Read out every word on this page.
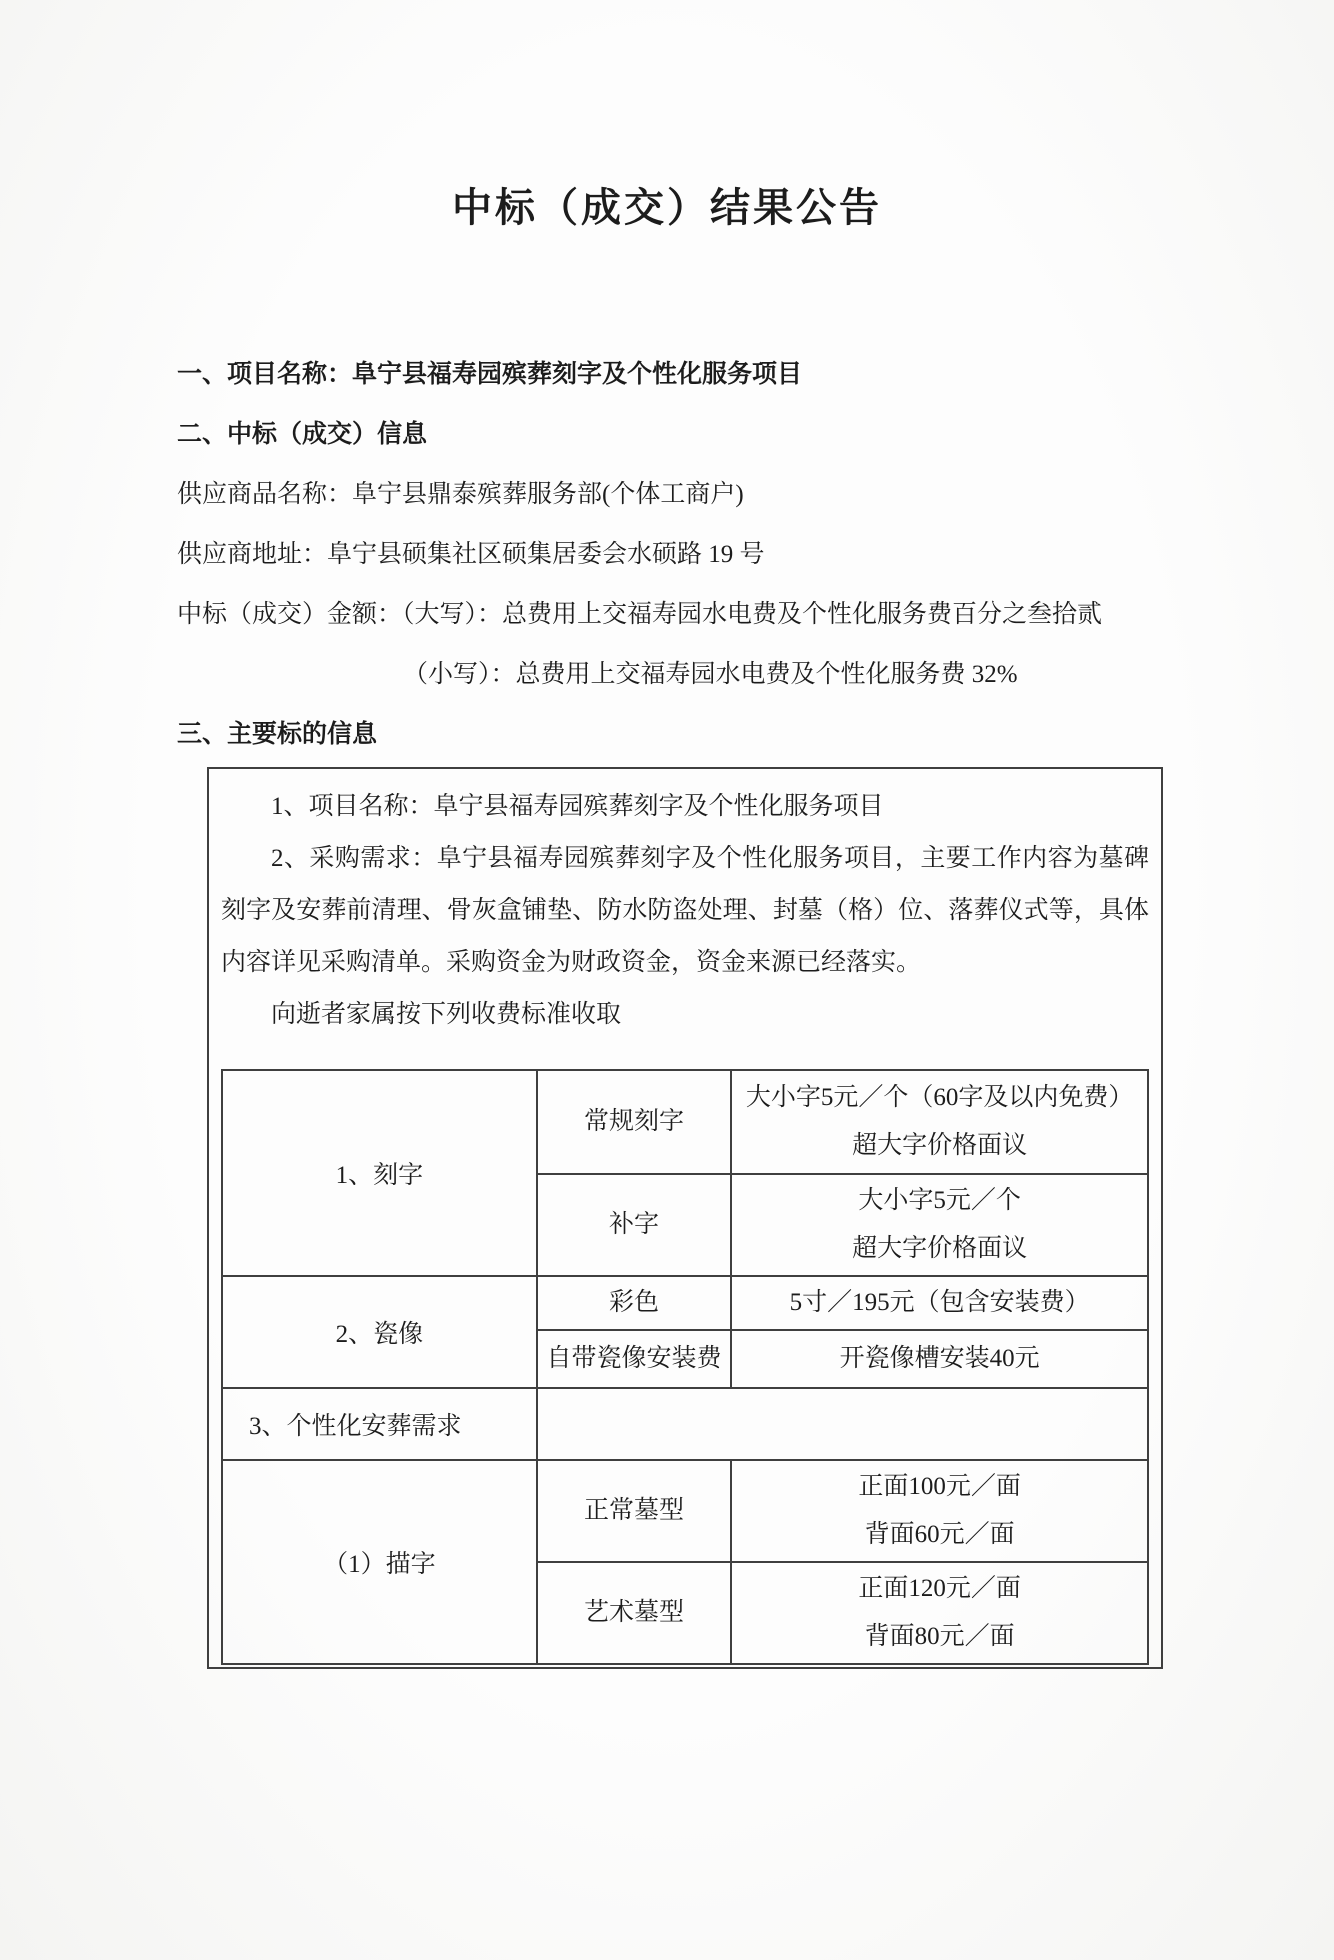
中标（成交）结果公告
一、项目名称：阜宁县福寿园殡葬刻字及个性化服务项目
二、中标（成交）信息
供应商品名称：阜宁县鼎泰殡葬服务部(个体工商户)
供应商地址：阜宁县硕集社区硕集居委会水硕路 19 号
中标（成交）金额：（大写）：总费用上交福寿园水电费及个性化服务费百分之叁拾贰
（小写）：总费用上交福寿园水电费及个性化服务费 32%
三、主要标的信息

1、项目名称：阜宁县福寿园殡葬刻字及个性化服务项目

2、采购需求：阜宁县福寿园殡葬刻字及个性化服务项目，主要工作内容为墓碑刻字及安葬前清理、骨灰盒铺垫、防水防盗处理、封墓（格）位、落葬仪式等，具体内容详见采购清单。采购资金为财政资金，资金来源已经落实。

向逝者家属按下列收费标准收取

1、刻字	常规刻字	大小字5元／个（60字及以内免费）
超大字价格面议

	补字	大小字5元／个
超大字价格面议

2、瓷像	彩色	5寸／195元（包含安装费）

	自带瓷像安装费	开瓷像槽安装40元

3、个性化安葬需求		
（1）描字	正常墓型	正面100元／面
背面60元／面

	艺术墓型	正面120元／面
背面80元／面
